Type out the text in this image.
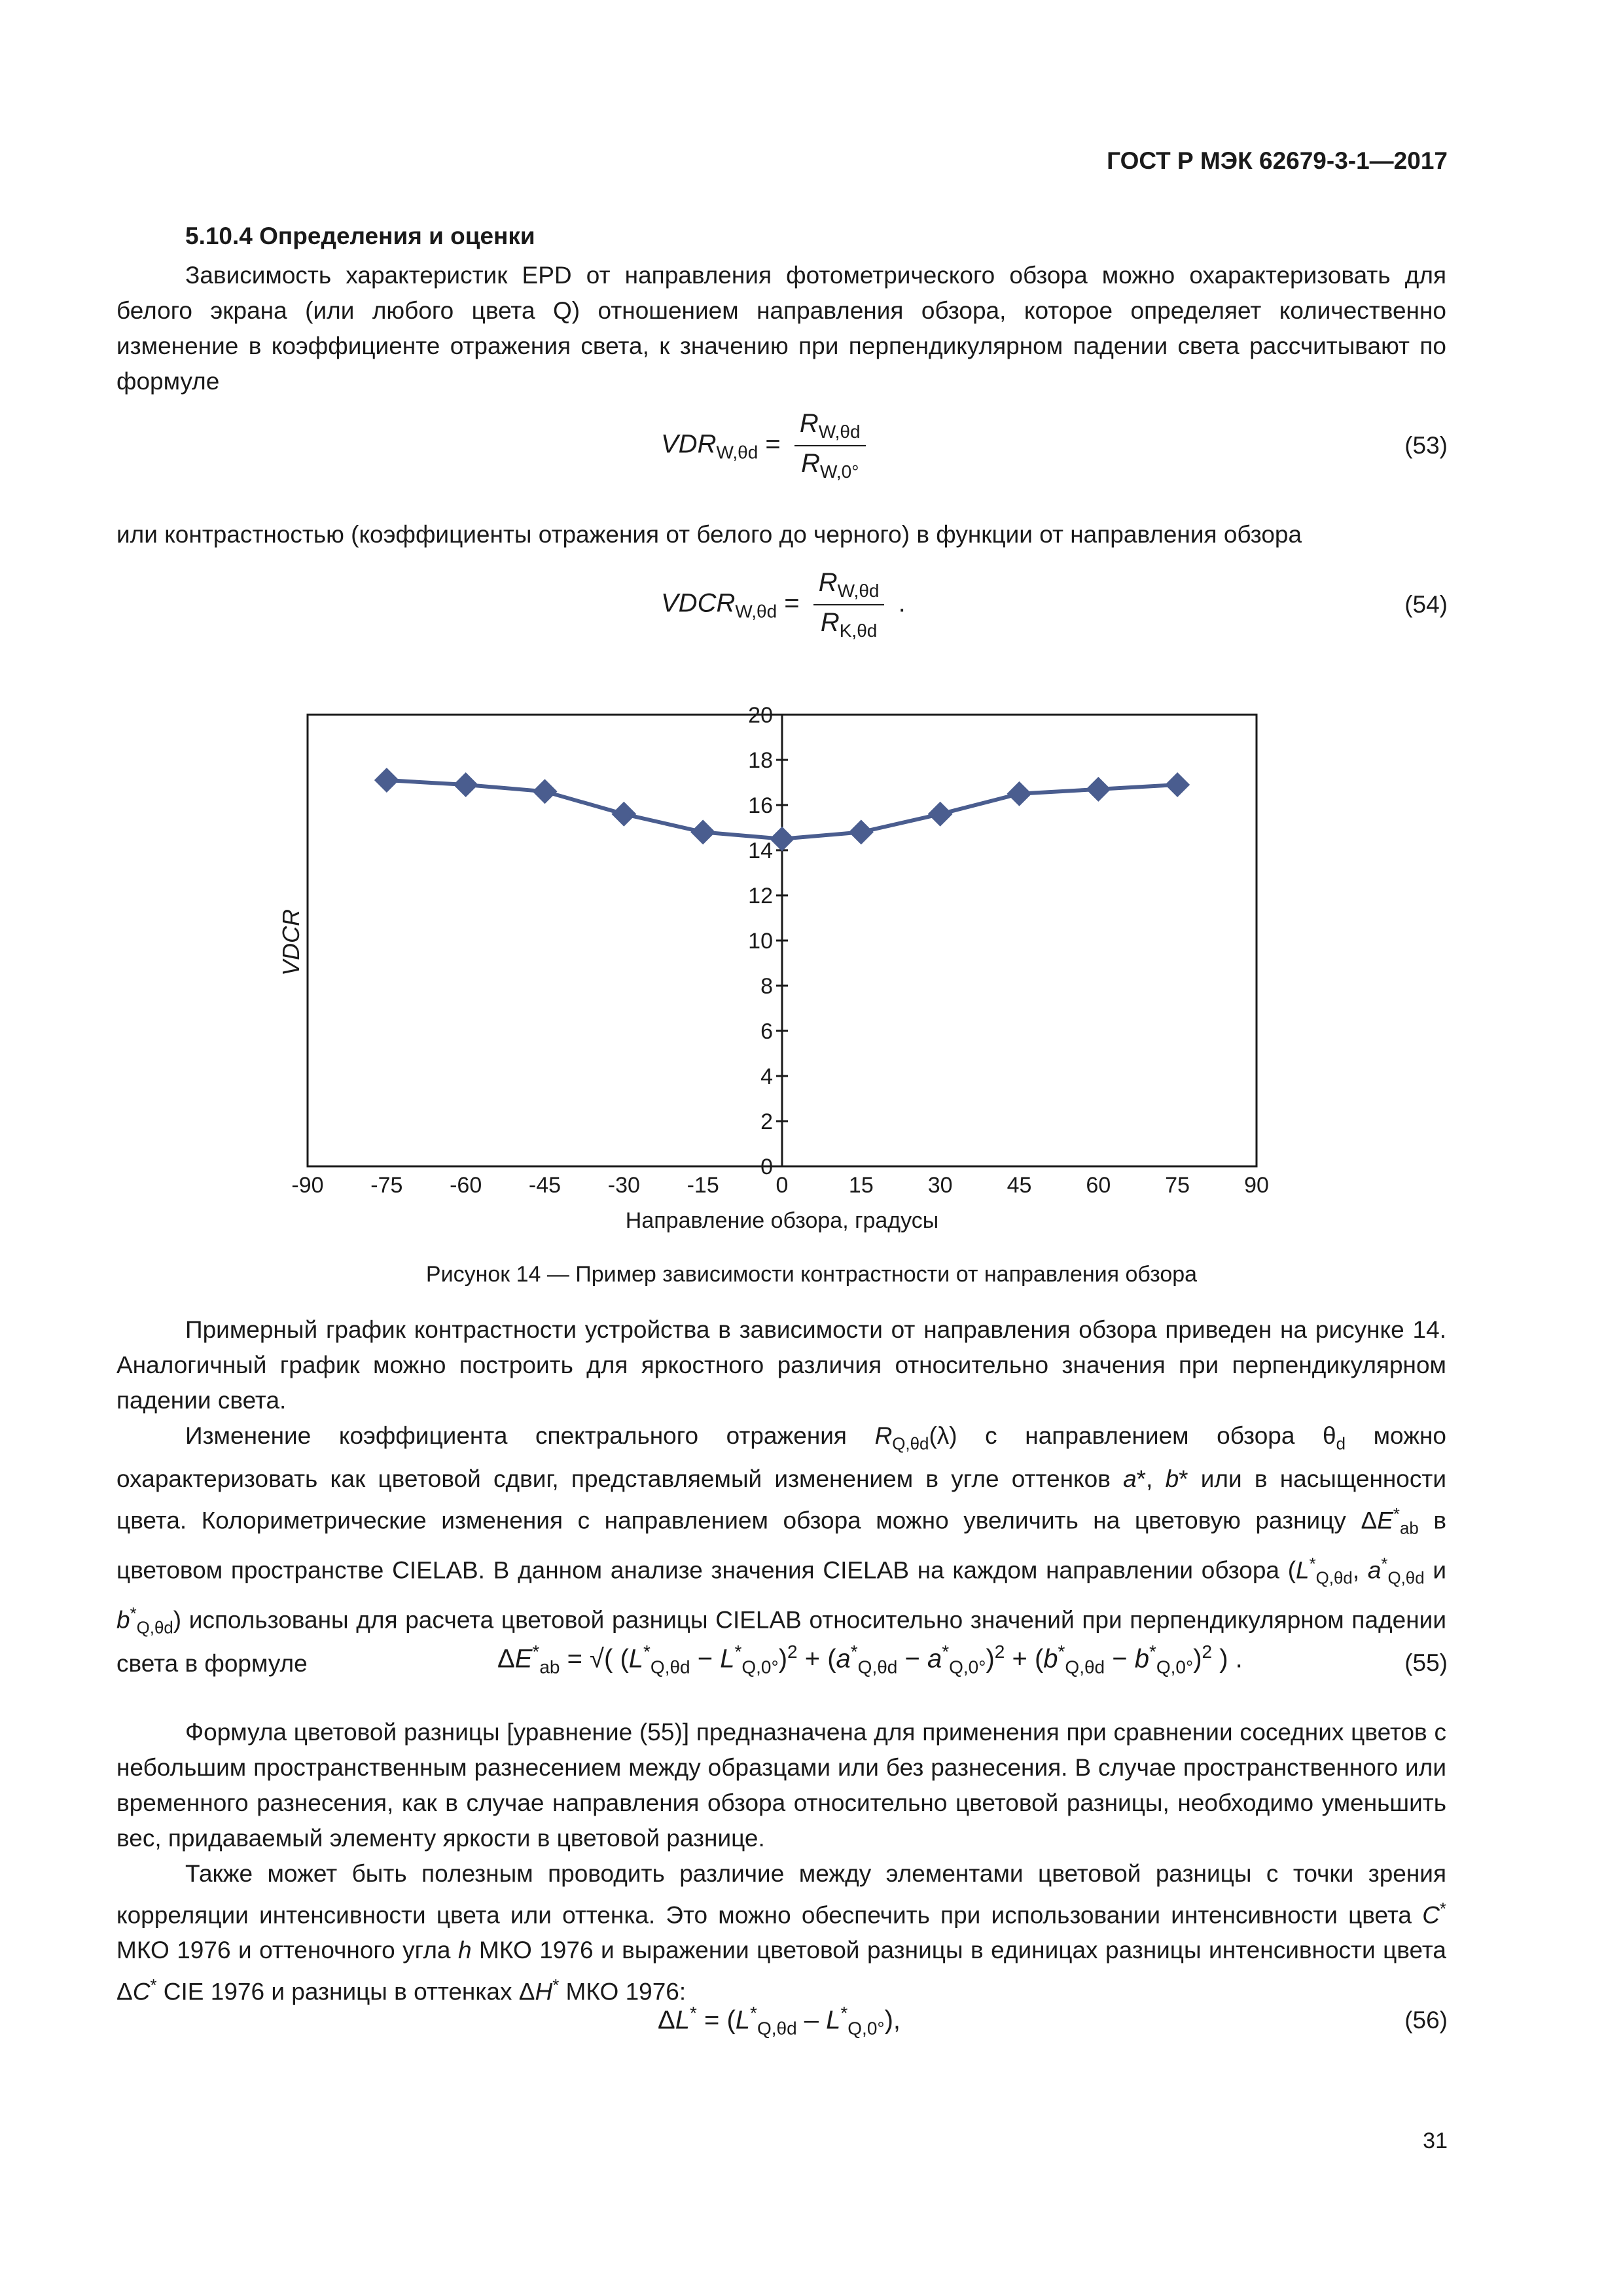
ГОСТ Р МЭК 62679-3-1—2017
5.10.4 Определения и оценки
Зависимость характеристик EPD от направления фотометрического обзора можно охарактеризовать для белого экрана (или любого цвета Q) отношением направления обзора, которое определяет количественно изменение в коэффициенте отражения света, к значению при перпендикулярном падении света рассчитывают по формуле
$VDR_{W,\theta d} = \frac{R_{W,\theta d}}{R_{W,0^\circ}}$	(53)
или контрастностью (коэффициенты отражения от белого до черного) в функции от направления обзора
$VDCR_{W,\theta d} = \frac{R_{W,\theta d}}{R_{K,\theta d}}$ .	(54)
0
2
4
6
8
10
12
14
16
18
20
-90 -75 -60 -45 -30 -15	0	15 30 45 60 75 90
VDCR
Направление обзора, градусы
Рисунок 14 — Пример зависимости контрастности от направления обзора
Примерный график контрастности устройства в зависимости от направления обзора приведен на рисунке 14. Аналогичный график можно построить для яркостного различия относительно значения при перпендикулярном падении света.
Изменение коэффициента спектрального отражения $R_{Q,\theta d}(\lambda)$ с направлением обзора $\theta_d$ можно охарактеризовать как цветовой сдвиг, представляемый изменением в угле оттенков a*, b* или в насыщенности цвета. Колориметрические изменения с направлением обзора можно увеличить на цветовую разницу $\Delta E^*_{ab}$ в цветовом пространстве CIELAB. В данном анализе значения CIELAB на каждом направлении обзора ($L^*_{Q,\theta d}$, $a^*_{Q,\theta d}$ и $b^*_{Q,\theta d}$) использованы для расчета цветовой разницы CIELAB относительно значений при перпендикулярном падении света в формуле	$\Delta E^*_{ab}$ = √( $(L^*_{Q,\theta d} - L^*_{Q,0^\circ})^2 + (a^*_{Q,\theta d} - a^*_{Q,0^\circ})^2 + (b^*_{Q,\theta d} - b^*_{Q,0^\circ})^2$ ) .	(55)
Формула цветовой разницы [уравнение (55)] предназначена для применения при сравнении соседних цветов с небольшим пространственным разнесением между образцами или без разнесения. В случае пространственного или временного разнесения, как в случае направления обзора относительно цветовой разницы, необходимо уменьшить вес, придаваемый элементу яркости в цветовой разнице.
Также может быть полезным проводить различие между элементами цветовой разницы с точки зрения корреляции интенсивности цвета или оттенка. Это можно обеспечить при использовании интенсивности цвета C* МКО 1976 и оттеночного угла h МКО 1976 и выражении цветовой разницы в единицах разницы интенсивности цвета ΔC* CIE 1976 и разницы в оттенках ΔH* МКО 1976:
$\Delta L^* = (L^*_{Q,\theta d} - L^*_{Q,0^\circ})$,	(56)
31
